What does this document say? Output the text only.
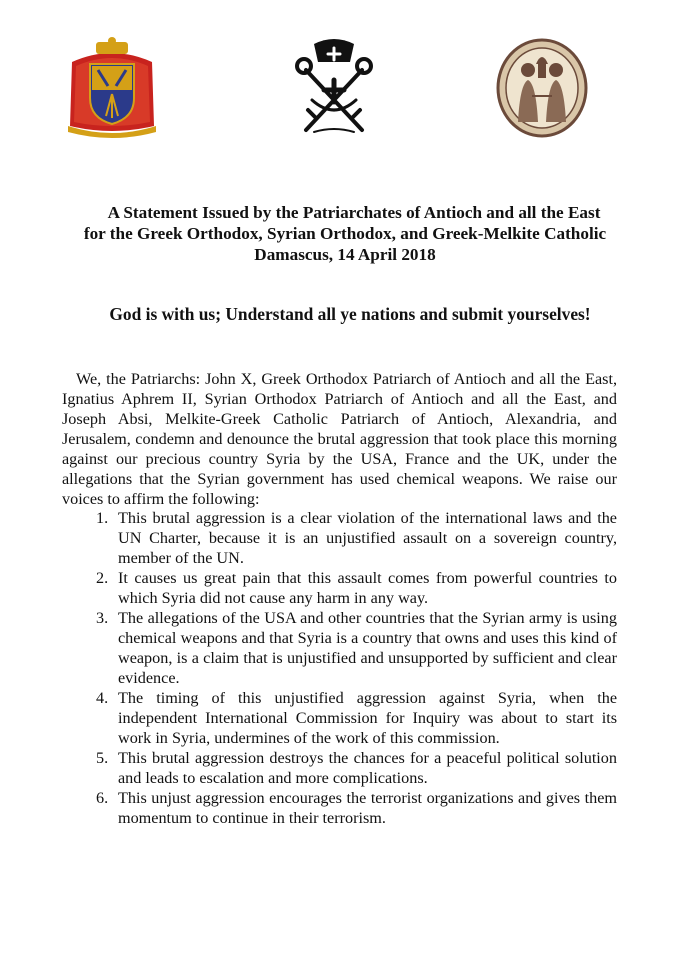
A Statement Issued by the Patriarchates of Antioch and all the East
for the Greek Orthodox, Syrian Orthodox, and Greek-Melkite Catholic
Damascus, 14 April 2018
God is with us; Understand all ye nations and submit yourselves!
We, the Patriarchs: John X, Greek Orthodox Patriarch of Antioch and all the East, Ignatius Aphrem II, Syrian Orthodox Patriarch of Antioch and all the East, and Joseph Absi, Melkite-Greek Catholic Patriarch of Antioch, Alexandria, and Jerusalem, condemn and denounce the brutal aggression that took place this morning against our precious country Syria by the USA, France and the UK, under the allegations that the Syrian government has used chemical weapons. We raise our voices to affirm the following:
1. This brutal aggression is a clear violation of the international laws and the UN Charter, because it is an unjustified assault on a sovereign country, member of the UN.
2. It causes us great pain that this assault comes from powerful countries to which Syria did not cause any harm in any way.
3. The allegations of the USA and other countries that the Syrian army is using chemical weapons and that Syria is a country that owns and uses this kind of weapon, is a claim that is unjustified and unsupported by sufficient and clear evidence.
4. The timing of this unjustified aggression against Syria, when the independent International Commission for Inquiry was about to start its work in Syria, undermines of the work of this commission.
5. This brutal aggression destroys the chances for a peaceful political solution and leads to escalation and more complications.
6. This unjust aggression encourages the terrorist organizations and gives them momentum to continue in their terrorism.
